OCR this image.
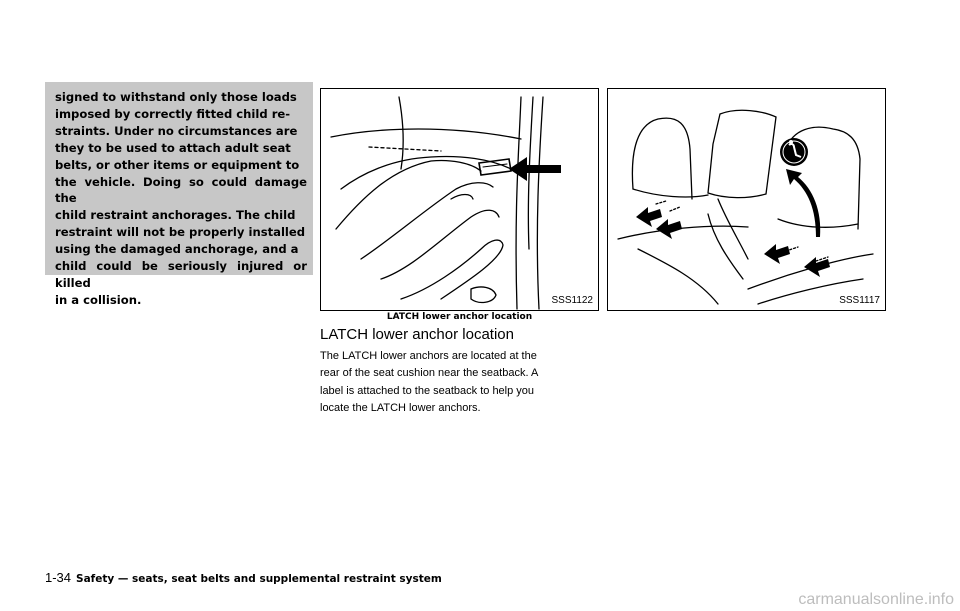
signed to withstand only those loads
imposed by correctly fitted child re-
straints. Under no circumstances are
they to be used to attach adult seat
belts, or other items or equipment to
the vehicle. Doing so could damage the
child restraint anchorages. The child
restraint will not be properly installed
using the damaged anchorage, and a
child could be seriously injured or killed
in a collision.	SSS1122
LATCH lower anchor location
SSS1117
LATCH lower anchor location
The LATCH lower anchors are located at the
rear of the seat cushion near the seatback. A
label is attached to the seatback to help you
locate the LATCH lower anchors.
1-34 Safety — seats, seat belts and supplemental restraint system
carmanualsonline.info
